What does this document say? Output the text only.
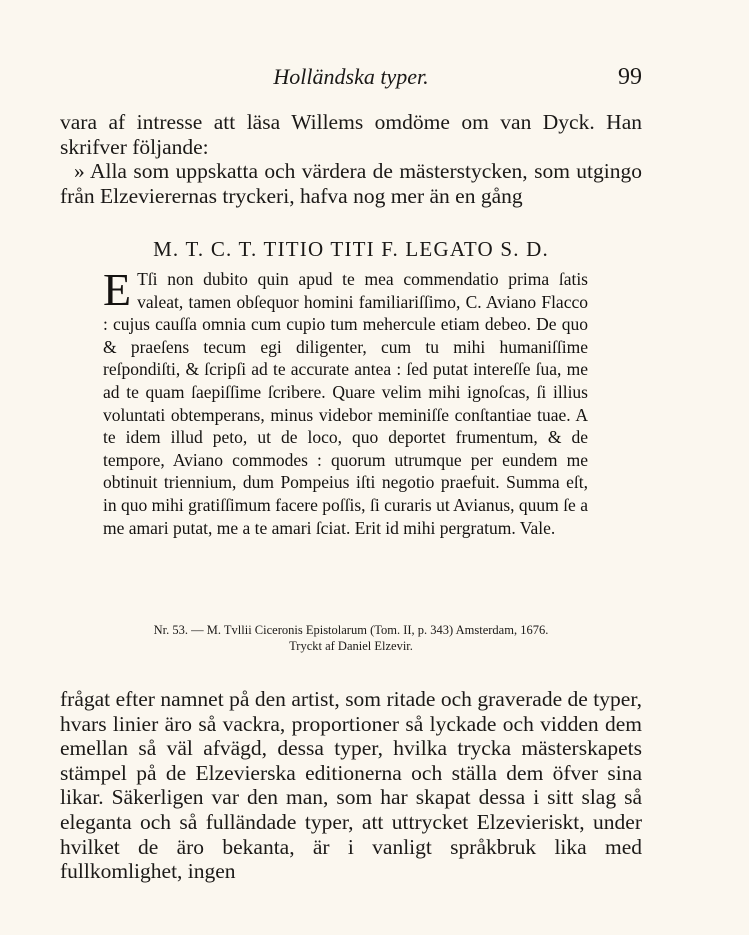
Holländska typer.	99

vara af intresse att läsa Willems omdöme om van Dyck. Han skrifver följande:

» Alla som uppskatta och värdera de mästerstycken, som utgingo från Elzevierernas tryckeri, hafva nog mer än en gång

M. T. C. T. TITIO TITI F. LEGATO S. D.
E Tſi non dubito quin apud te mea commendatio prima ſatis valeat, tamen obſequor homini familiariſſimo, C. Aviano Flacco : cujus cauſſa omnia cum cupio tum mehercule etiam debeo. De quo & praeſens tecum egi diligenter, cum tu mihi humaniſſime reſpondiſti, & ſcripſi ad te accurate antea : ſed putat intereſſe ſua, me ad te quam ſaepiſſime ſcribere. Quare velim mihi ignoſcas, ſi illius voluntati obtemperans, minus videbor meminiſſe conſtantiae tuae. A te idem illud peto, ut de loco, quo deportet frumentum, & de tempore, Aviano commodes : quorum utrumque per eundem me obtinuit triennium, dum Pompeius iſti negotio praefuit. Summa eſt, in quo mihi gratiſſimum facere poſſis, ſi curaris ut Avianus, quum ſe a me amari putat, me a te amari ſciat. Erit id mihi pergratum. Vale.
Nr. 53. — M. Tvllii Ciceronis Epistolarum (Tom. II, p. 343) Amsterdam, 1676.
Tryckt af Daniel Elzevir.

frågat efter namnet på den artist, som ritade och graverade de typer, hvars linier äro så vackra, proportioner så lyckade och vidden dem emellan så väl afvägd, dessa typer, hvilka trycka mästerskapets stämpel på de Elzevierska editionerna och ställa dem öfver sina likar. Säkerligen var den man, som har skapat dessa i sitt slag så eleganta och så fulländade typer, att uttrycket Elzevieriskt, under hvilket de äro bekanta, är i vanligt språkbruk lika med fullkomlighet, ingen
